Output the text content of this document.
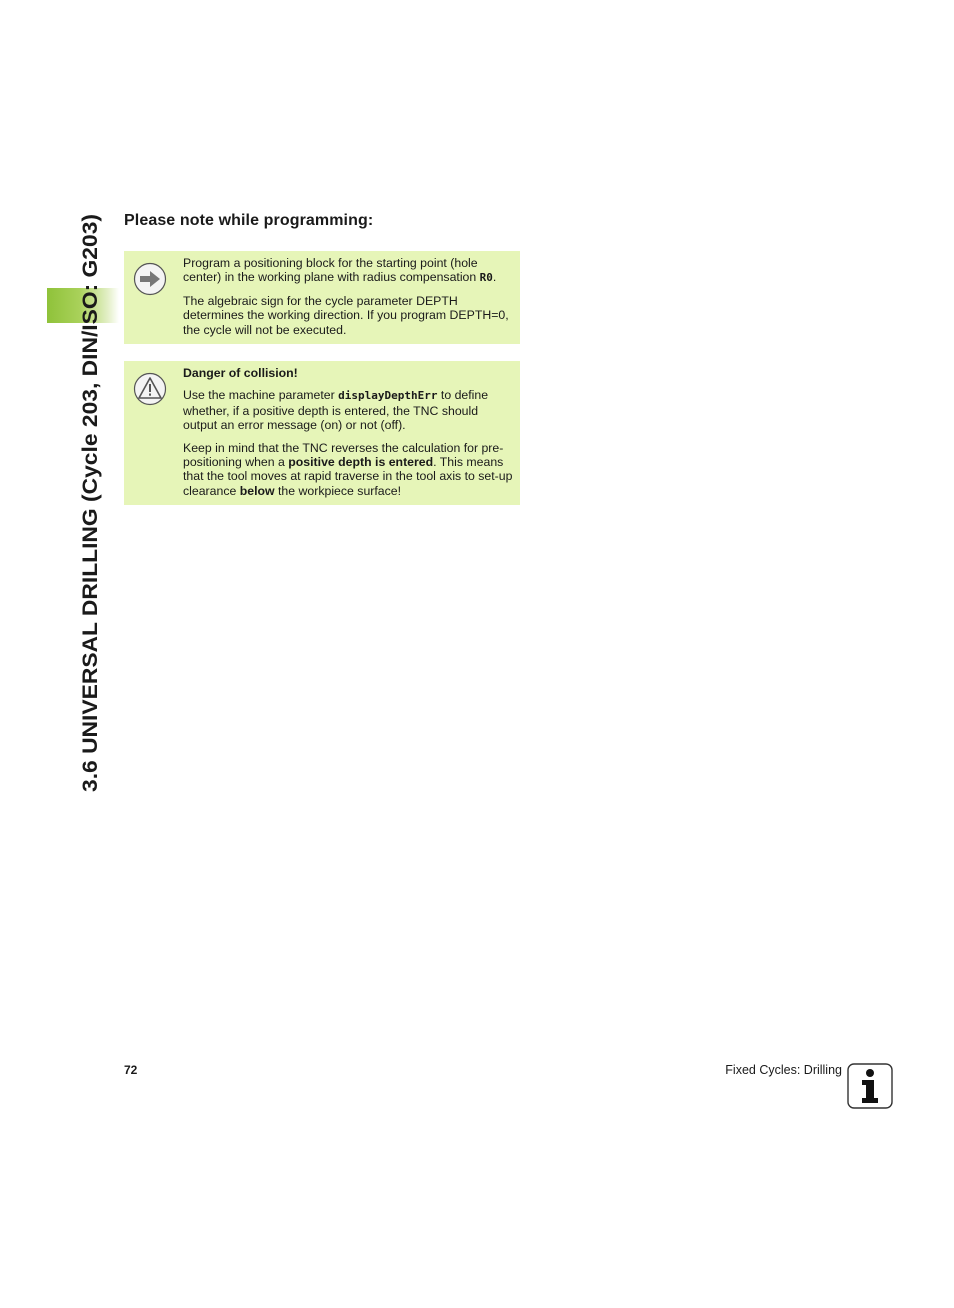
3.6 UNIVERSAL DRILLING (Cycle 203, DIN/ISO: G203)
Please note while programming:

Program a positioning block for the starting point (hole center) in the working plane with radius compensation R0.

The algebraic sign for the cycle parameter DEPTH determines the working direction. If you program DEPTH=0, the cycle will not be executed.

Danger of collision!

Use the machine parameter displayDepthErr to define whether, if a positive depth is entered, the TNC should output an error message (on) or not (off).

Keep in mind that the TNC reverses the calculation for pre-positioning when a positive depth is entered. This means that the tool moves at rapid traverse in the tool axis to set-up clearance below the workpiece surface!

72	Fixed Cycles: Drilling
